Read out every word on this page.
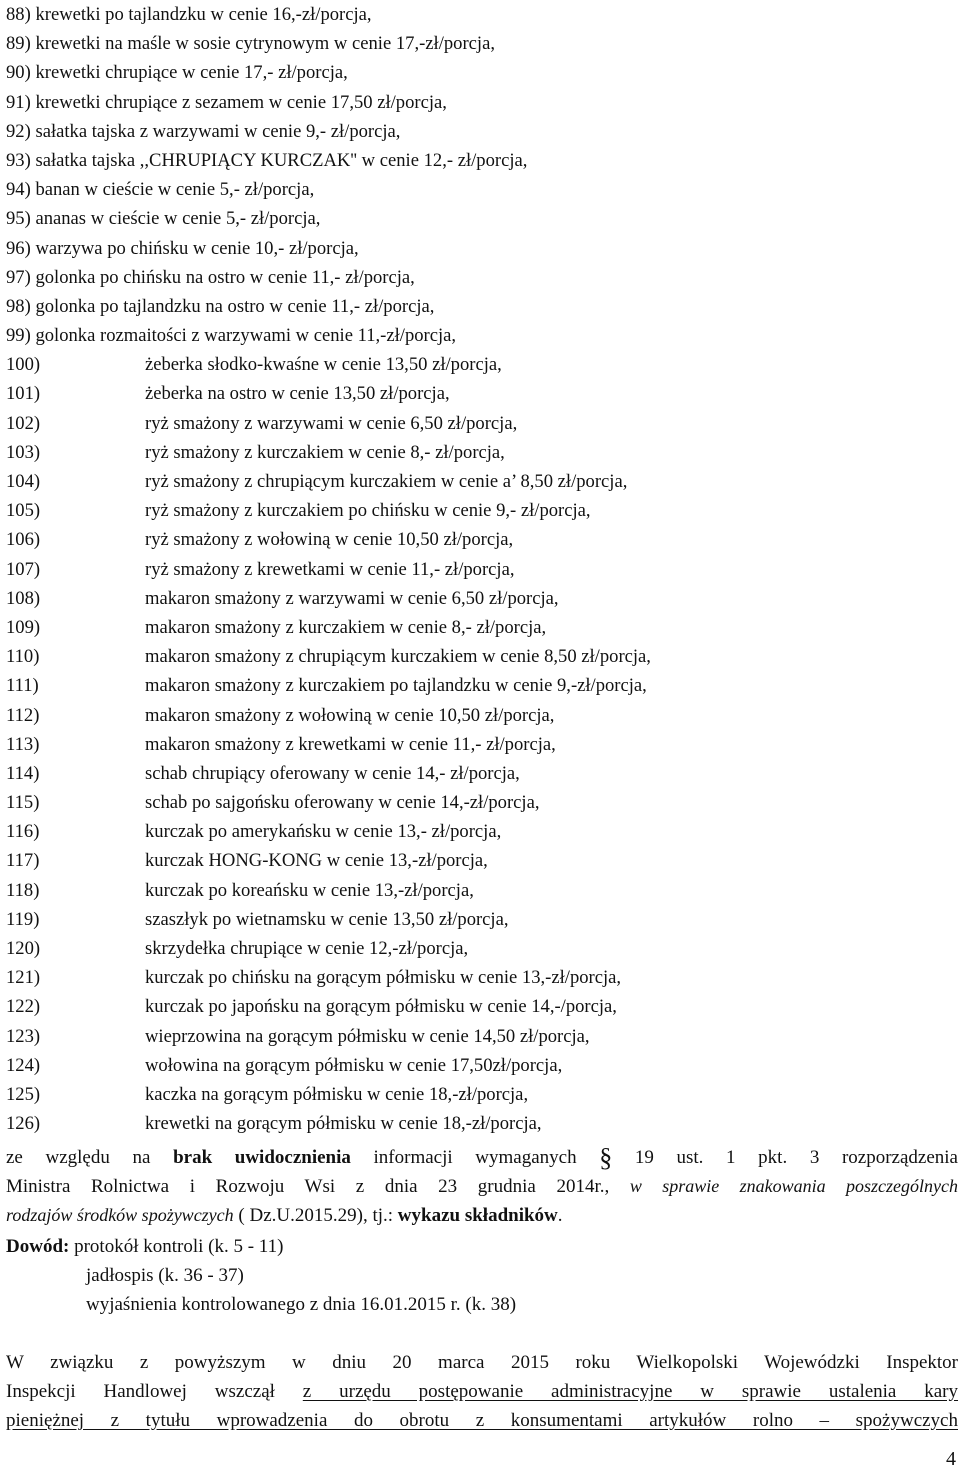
88) krewetki po tajlandzku w cenie 16,-zł/porcja,
89) krewetki na maśle w sosie cytrynowym w cenie 17,-zł/porcja,
90) krewetki chrupiące w cenie 17,- zł/porcja,
91) krewetki chrupiące z sezamem w cenie 17,50 zł/porcja,
92) sałatka tajska z warzywami w cenie 9,- zł/porcja,
93) sałatka tajska ,,CHRUPIĄCY KURCZAK'' w cenie 12,- zł/porcja,
94) banan w cieście w cenie 5,- zł/porcja,
95) ananas w cieście w cenie 5,- zł/porcja,
96) warzywa po chińsku w cenie 10,- zł/porcja,
97) golonka po chińsku na ostro w cenie 11,- zł/porcja,
98) golonka po tajlandzku na ostro w cenie 11,- zł/porcja,
99) golonka rozmaitości z warzywami w cenie 11,-zł/porcja,
100)	żeberka słodko-kwaśne w cenie 13,50 zł/porcja,
101)	żeberka na ostro w cenie 13,50 zł/porcja,
102)	ryż smażony z warzywami w cenie 6,50 zł/porcja,
103)	ryż smażony z kurczakiem w cenie 8,- zł/porcja,
104)	ryż smażony z chrupiącym kurczakiem w cenie a’ 8,50 zł/porcja,
105)	ryż smażony z kurczakiem po chińsku w cenie 9,- zł/porcja,
106)	ryż smażony z wołowiną w cenie 10,50 zł/porcja,
107)	ryż smażony z krewetkami w cenie 11,- zł/porcja,
108)	makaron smażony z warzywami w cenie 6,50 zł/porcja,
109)	makaron smażony z kurczakiem w cenie 8,- zł/porcja,
110)	makaron smażony z chrupiącym kurczakiem w cenie 8,50 zł/porcja,
111)	makaron smażony z kurczakiem po tajlandzku w cenie 9,-zł/porcja,
112)	makaron smażony z wołowiną w cenie 10,50 zł/porcja,
113)	makaron smażony z krewetkami w cenie 11,- zł/porcja,
114)	schab chrupiący oferowany w cenie 14,- zł/porcja,
115)	schab po sajgońsku oferowany w cenie 14,-zł/porcja,
116)	kurczak po amerykańsku w cenie 13,- zł/porcja,
117)	kurczak HONG-KONG w cenie 13,-zł/porcja,
118)	kurczak po koreańsku w cenie 13,-zł/porcja,
119)	szaszłyk po wietnamsku w cenie 13,50 zł/porcja,
120)	skrzydełka chrupiące w cenie 12,-zł/porcja,
121)	kurczak po chińsku na gorącym półmisku w cenie 13,-zł/porcja,
122)	kurczak po japońsku na gorącym półmisku w cenie 14,-/porcja,
123)	wieprzowina na gorącym półmisku w cenie 14,50 zł/porcja,
124)	wołowina na gorącym półmisku w cenie 17,50zł/porcja,
125)	kaczka na gorącym półmisku w cenie 18,-zł/porcja,
126)	krewetki na gorącym półmisku w cenie 18,-zł/porcja,
ze względu na brak uwidocznienia informacji wymaganych § 19 ust. 1 pkt. 3 rozporządzenia
Ministra Rolnictwa i Rozwoju Wsi z dnia 23 grudnia 2014r., w sprawie znakowania poszczególnych
rodzajów środków spożywczych ( Dz.U.2015.29), tj.: wykazu składników.
Dowód: protokół kontroli (k. 5 - 11)
jadłospis (k. 36 - 37)
wyjaśnienia kontrolowanego z dnia 16.01.2015 r. (k. 38)
W związku z powyższym w dniu 20 marca 2015 roku Wielkopolski Wojewódzki Inspektor
Inspekcji Handlowej wszczął z urzędu postępowanie administracyjne w sprawie ustalenia kary
pieniężnej z tytułu wprowadzenia do obrotu z konsumentami artykułów rolno – spożywczych
4
